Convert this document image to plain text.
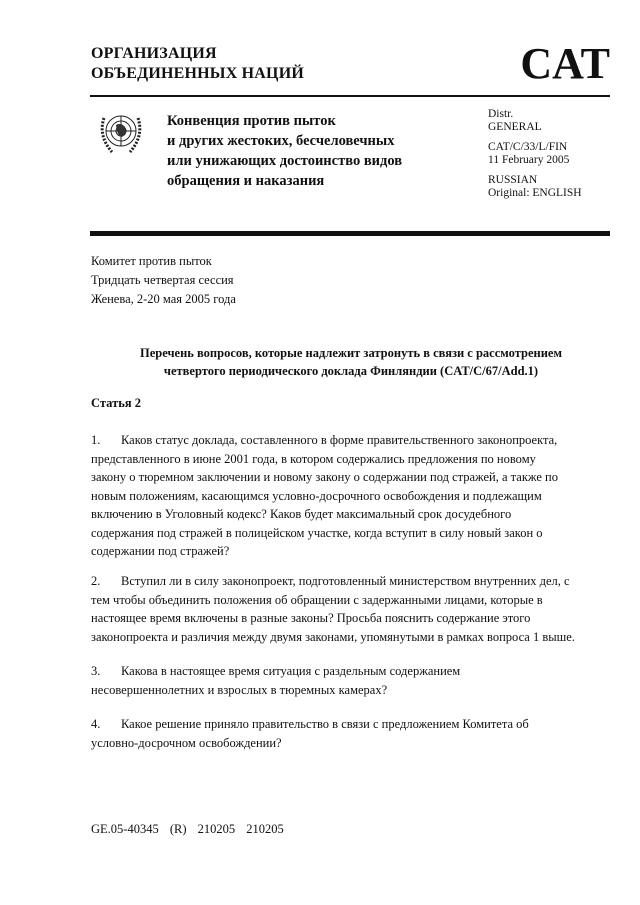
ОРГАНИЗАЦИЯ
ОБЪЕДИНЕННЫХ НАЦИЙ	CAT
Конвенция против пыток
и других жестоких, бесчеловечных
или унижающих достоинство видов
обращения и наказания
Distr.
GENERAL
CAT/C/33/L/FIN
11 February 2005
RUSSIAN
Original: ENGLISH
Комитет против пыток
Тридцать четвертая сессия
Женева, 2-20 мая 2005 года
Перечень вопросов, которые надлежит затронуть в связи с рассмотрением
четвертого периодического доклада Финляндии (CAT/C/67/Add.1)
Статья 2
1. Каков статус доклада, составленного в форме правительственного законопроекта,
представленного в июне 2001 года, в котором содержались предложения по новому
закону о тюремном заключении и новому закону о содержании под стражей, а также по
новым положениям, касающимся условно-досрочного освобождения и подлежащим
включению в Уголовный кодекс? Каков будет максимальный срок досудебного
содержания под стражей в полицейском участке, когда вступит в силу новый закон о
содержании под стражей?
2. Вступил ли в силу законопроект, подготовленный министерством внутренних дел, с
тем чтобы объединить положения об обращении с задержанными лицами, которые в
настоящее время включены в разные законы? Просьба пояснить содержание этого
законопроекта и различия между двумя законами, упомянутыми в рамках вопроса 1 выше.
3. Какова в настоящее время ситуация с раздельным содержанием
несовершеннолетних и взрослых в тюремных камерах?
4. Какое решение приняло правительство в связи с предложением Комитета об
условно-досрочном освобождении?
GE.05-40345 (R) 210205 210205
